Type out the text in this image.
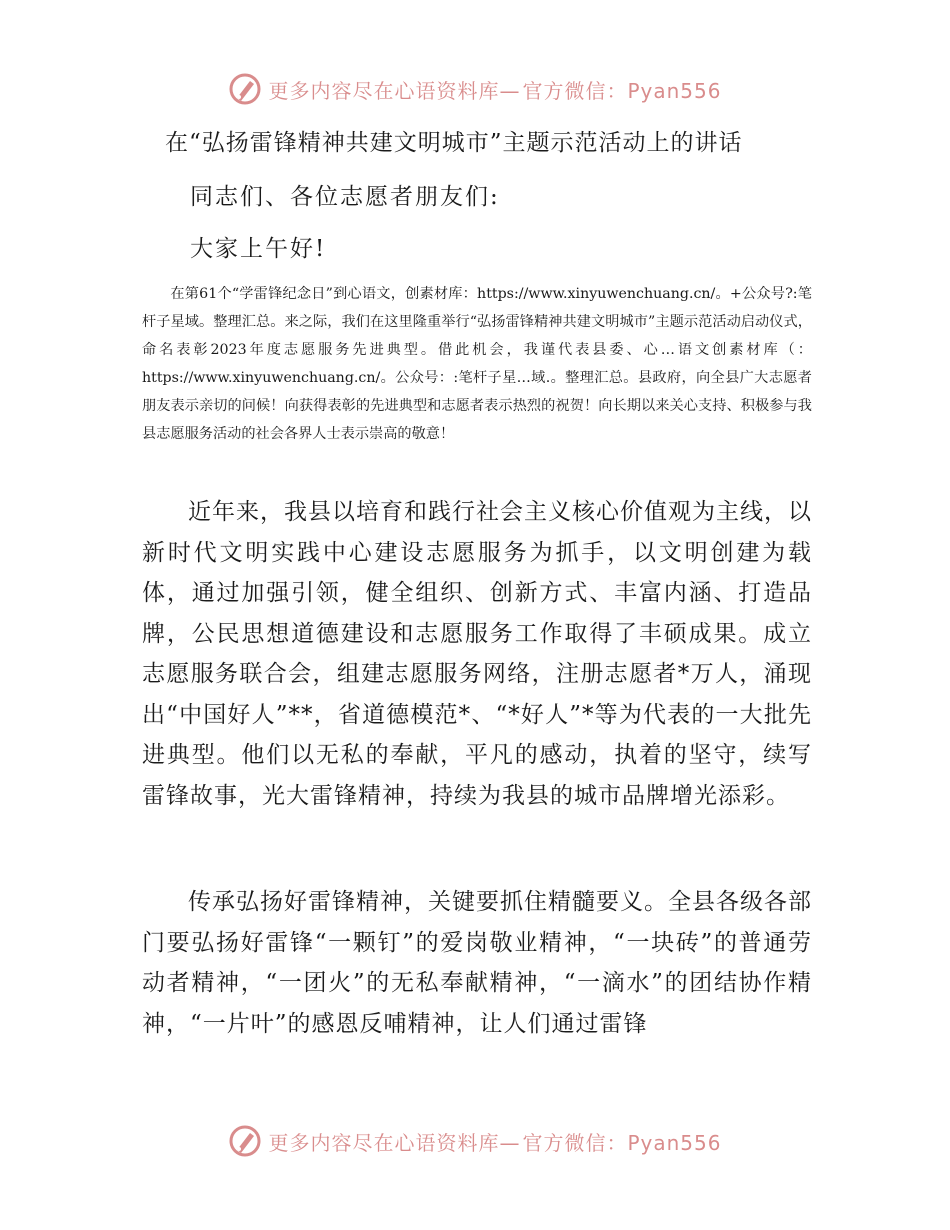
更多内容尽在心语资料库— 官方微信：Pyan556
在“弘扬雷锋精神共建文明城市”主题示范活动上的讲话
同志们、各位志愿者朋友们:
大家上午好!

在第61个“学雷锋纪念日”到心语文，创素材库：https://www.xinyuwenchuang.cn/。+公众号?:笔杆子星域。整理汇总。来之际，我们在这里隆重举行“弘扬雷锋精神共建文明城市”主题示范活动启动仪式，命名表彰2023年度志愿服务先进典型。借此机会，我谨代表县委、心…语文创素材库（：https://www.xinyuwenchuang.cn/。公众号：:笔杆子星…域.。整理汇总。县政府，向全县广大志愿者朋友表示亲切的问候！向获得表彰的先进典型和志愿者表示热烈的祝贺！向长期以来关心支持、积极参与我县志愿服务活动的社会各界人士表示崇高的敬意！

近年来，我县以培育和践行社会主义核心价值观为主线，以新时代文明实践中心建设志愿服务为抓手，以文明创建为载体，通过加强引领，健全组织、创新方式、丰富内涵、打造品牌，公民思想道德建设和志愿服务工作取得了丰硕成果。成立志愿服务联合会，组建志愿服务网络，注册志愿者*万人，涌现出“中国好人”**，省道德模范*、“*好人”*等为代表的一大批先进典型。他们以无私的奉献，平凡的感动，执着的坚守，续写雷锋故事，光大雷锋精神，持续为我县的城市品牌增光添彩。

传承弘扬好雷锋精神，关键要抓住精髓要义。全县各级各部门要弘扬好雷锋“一颗钉”的爱岗敬业精神，“一块砖”的普通劳动者精神，“一团火”的无私奉献精神，“一滴水”的团结协作精神，“一片叶”的感恩反哺精神，让人们通过雷锋

更多内容尽在心语资料库— 官方微信：Pyan556
